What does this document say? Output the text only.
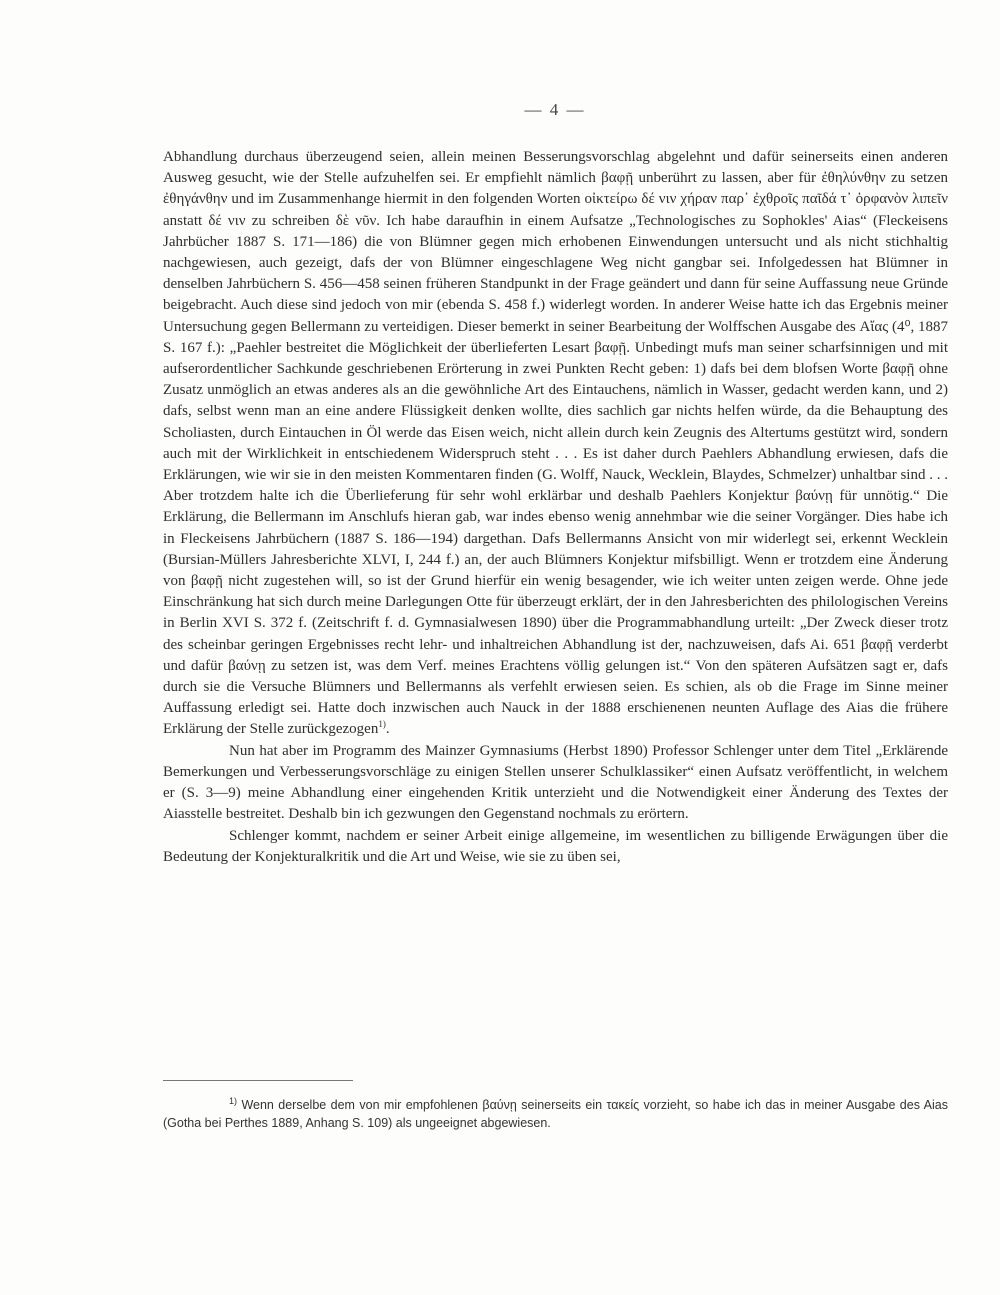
— 4 —

Abhandlung durchaus überzeugend seien, allein meinen Besserungsvorschlag abgelehnt und dafür seinerseits einen anderen Ausweg gesucht, wie der Stelle aufzuhelfen sei. Er empfiehlt nämlich βαφῇ unberührt zu lassen, aber für ἐθηλύνθην zu setzen ἐθηγάνθην und im Zusammenhange hiermit in den folgenden Worten οἰκτείρω δέ νιν χήραν παρ᾽ ἐχθροῖς παῖδά τ᾽ ὀρφανὸν λιπεῖν anstatt δέ νιν zu schreiben δὲ νῦν. Ich habe daraufhin in einem Aufsatze „Technologisches zu Sophokles' Aias“ (Fleckeisens Jahrbücher 1887 S. 171—186) die von Blümner gegen mich erhobenen Einwendungen untersucht und als nicht stichhaltig nachgewiesen, auch gezeigt, dafs der von Blümner eingeschlagene Weg nicht gangbar sei. Infolgedessen hat Blümner in denselben Jahrbüchern S. 456—458 seinen früheren Standpunkt in der Frage geändert und dann für seine Auffassung neue Gründe beigebracht. Auch diese sind jedoch von mir (ebenda S. 458 f.) widerlegt worden. In anderer Weise hatte ich das Ergebnis meiner Untersuchung gegen Bellermann zu verteidigen. Dieser bemerkt in seiner Bearbeitung der Wolffschen Ausgabe des Αἴας (4⁰, 1887 S. 167 f.): „Paehler bestreitet die Möglichkeit der überlieferten Lesart βαφῇ. Unbedingt mufs man seiner scharfsinnigen und mit aufserordentlicher Sachkunde geschriebenen Erörterung in zwei Punkten Recht geben: 1) dafs bei dem blofsen Worte βαφῇ ohne Zusatz unmöglich an etwas anderes als an die gewöhnliche Art des Eintauchens, nämlich in Wasser, gedacht werden kann, und 2) dafs, selbst wenn man an eine andere Flüssigkeit denken wollte, dies sachlich gar nichts helfen würde, da die Behauptung des Scholiasten, durch Eintauchen in Öl werde das Eisen weich, nicht allein durch kein Zeugnis des Altertums gestützt wird, sondern auch mit der Wirklichkeit in entschiedenem Widerspruch steht . . . Es ist daher durch Paehlers Abhandlung erwiesen, dafs die Erklärungen, wie wir sie in den meisten Kommentaren finden (G. Wolff, Nauck, Wecklein, Blaydes, Schmelzer) unhaltbar sind . . . Aber trotzdem halte ich die Überlieferung für sehr wohl erklärbar und deshalb Paehlers Konjektur βαύνῃ für unnötig.“ Die Erklärung, die Bellermann im Anschlufs hieran gab, war indes ebenso wenig annehmbar wie die seiner Vorgänger. Dies habe ich in Fleckeisens Jahrbüchern (1887 S. 186—194) dargethan. Dafs Bellermanns Ansicht von mir widerlegt sei, erkennt Wecklein (Bursian-Müllers Jahresberichte XLVI, I, 244 f.) an, der auch Blümners Konjektur mifsbilligt. Wenn er trotzdem eine Änderung von βαφῇ nicht zugestehen will, so ist der Grund hierfür ein wenig besagender, wie ich weiter unten zeigen werde. Ohne jede Einschränkung hat sich durch meine Darlegungen Otte für überzeugt erklärt, der in den Jahresberichten des philologischen Vereins in Berlin XVI S. 372 f. (Zeitschrift f. d. Gymnasialwesen 1890) über die Programmabhandlung urteilt: „Der Zweck dieser trotz des scheinbar geringen Ergebnisses recht lehr- und inhaltreichen Abhandlung ist der, nachzuweisen, dafs Ai. 651 βαφῇ verderbt und dafür βαύνῃ zu setzen ist, was dem Verf. meines Erachtens völlig gelungen ist.“ Von den späteren Aufsätzen sagt er, dafs durch sie die Versuche Blümners und Bellermanns als verfehlt erwiesen seien. Es schien, als ob die Frage im Sinne meiner Auffassung erledigt sei. Hatte doch inzwischen auch Nauck in der 1888 erschienenen neunten Auflage des Aias die frühere Erklärung der Stelle zurückgezogen$^{1)}$.

Nun hat aber im Programm des Mainzer Gymnasiums (Herbst 1890) Professor Schlenger unter dem Titel „Erklärende Bemerkungen und Verbesserungsvorschläge zu einigen Stellen unserer Schulklassiker“ einen Aufsatz veröffentlicht, in welchem er (S. 3—9) meine Abhandlung einer eingehenden Kritik unterzieht und die Notwendigkeit einer Änderung des Textes der Aiasstelle bestreitet. Deshalb bin ich gezwungen den Gegenstand nochmals zu erörtern.

Schlenger kommt, nachdem er seiner Arbeit einige allgemeine, im wesentlichen zu billigende Erwägungen über die Bedeutung der Konjekturalkritik und die Art und Weise, wie sie zu üben sei,

$^{1)}$ Wenn derselbe dem von mir empfohlenen βαύνῃ seinerseits ein τακείς vorzieht, so habe ich das in meiner Ausgabe des Aias (Gotha bei Perthes 1889, Anhang S. 109) als ungeeignet abgewiesen.
